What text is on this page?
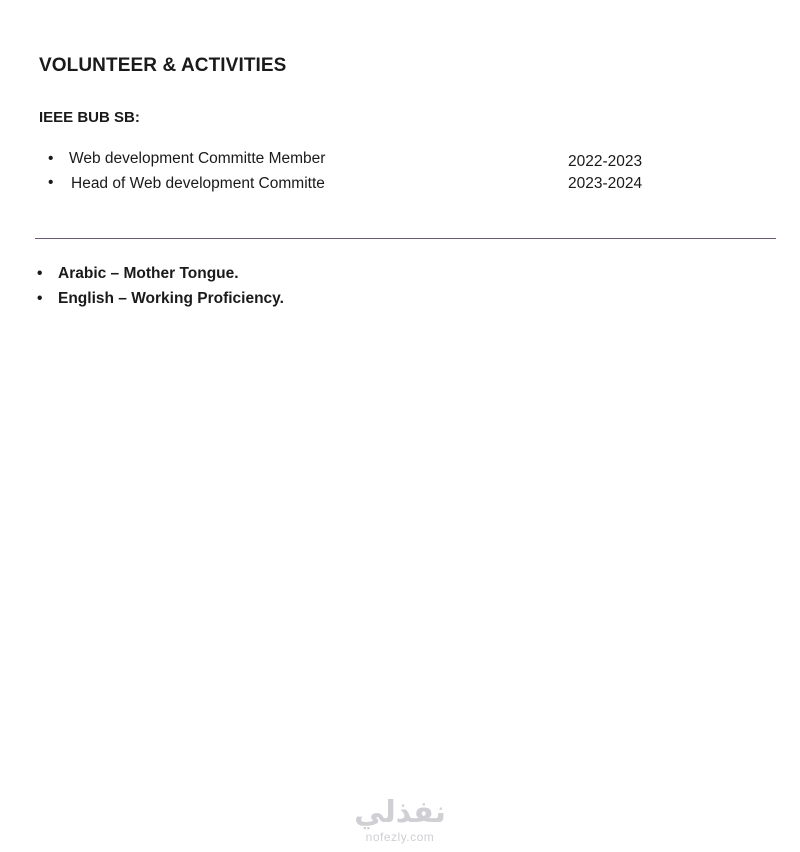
VOLUNTEER & ACTIVITIES
IEEE BUB SB:
• Web development Committe Member	2022-2023
• Head of Web development Committe	2023-2024
• Arabic – Mother Tongue.
• English – Working Proficiency.
نفذلي
nofezly.com
